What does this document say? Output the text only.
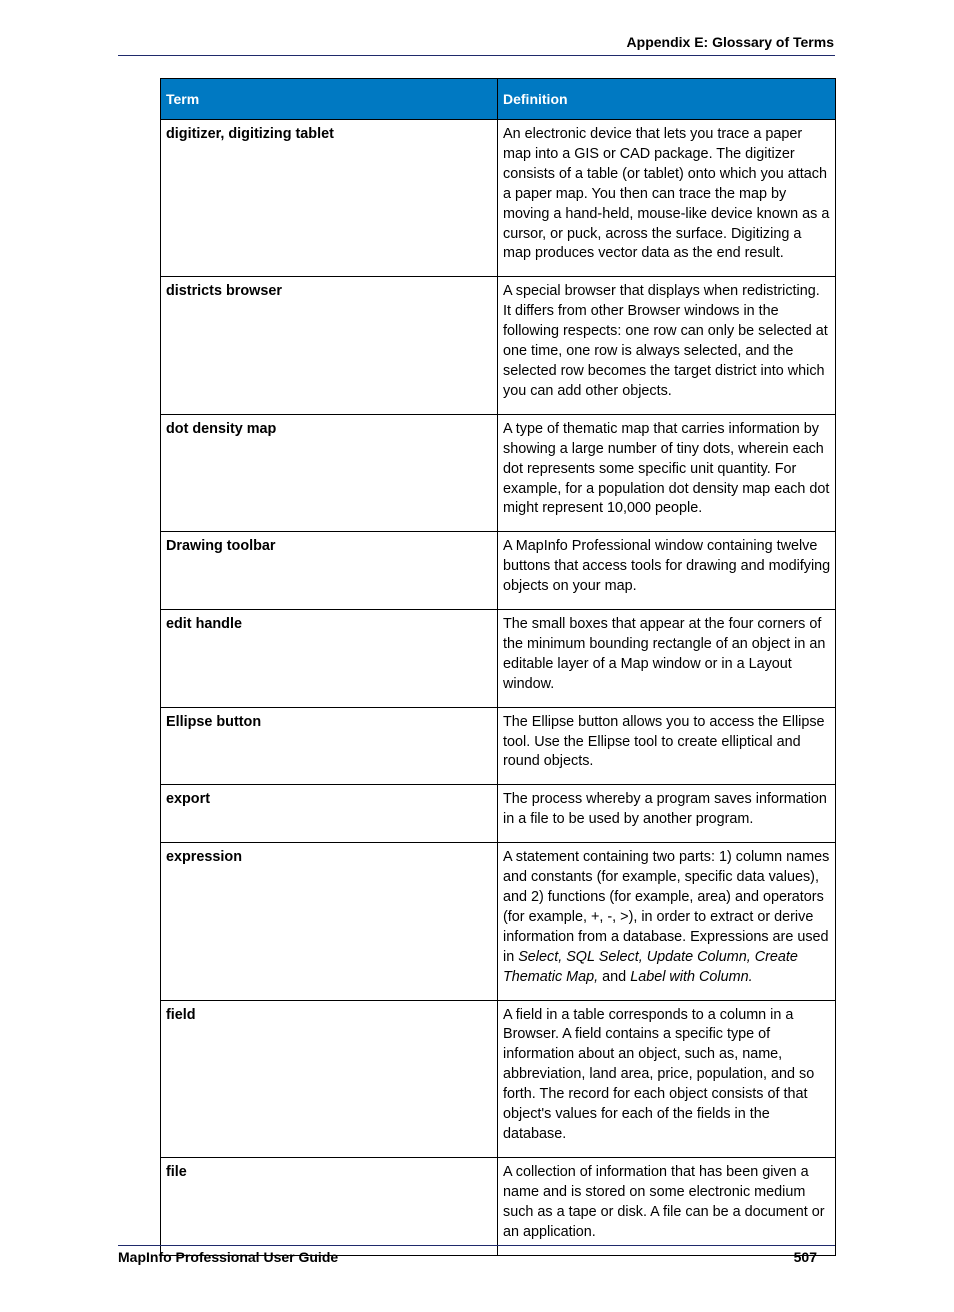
Appendix E: Glossary of Terms
Term	Definition
digitizer, digitizing tablet	An electronic device that lets you trace a paper map into a GIS or CAD package. The digitizer consists of a table (or tablet) onto which you attach a paper map. You then can trace the map by moving a hand-held, mouse-like device known as a cursor, or puck, across the surface. Digitizing a map produces vector data as the end result.
districts browser	A special browser that displays when redistricting. It differs from other Browser windows in the following respects: one row can only be selected at one time, one row is always selected, and the selected row becomes the target district into which you can add other objects.
dot density map	A type of thematic map that carries information by showing a large number of tiny dots, wherein each dot represents some specific unit quantity. For example, for a population dot density map each dot might represent 10,000 people.
Drawing toolbar	A MapInfo Professional window containing twelve buttons that access tools for drawing and modifying objects on your map.
edit handle	The small boxes that appear at the four corners of the minimum bounding rectangle of an object in an editable layer of a Map window or in a Layout window.
Ellipse button	The Ellipse button allows you to access the Ellipse tool. Use the Ellipse tool to create elliptical and round objects.
export	The process whereby a program saves information in a file to be used by another program.
expression	A statement containing two parts: 1) column names and constants (for example, specific data values), and 2) functions (for example, area) and operators (for example, +, -, >), in order to extract or derive information from a database. Expressions are used in Select, SQL Select, Update Column, Create Thematic Map, and Label with Column.
field	A field in a table corresponds to a column in a Browser. A field contains a specific type of information about an object, such as, name, abbreviation, land area, price, population, and so forth. The record for each object consists of that object's values for each of the fields in the database.
file	A collection of information that has been given a name and is stored on some electronic medium such as a tape or disk. A file can be a document or an application.
MapInfo Professional User Guide	507
